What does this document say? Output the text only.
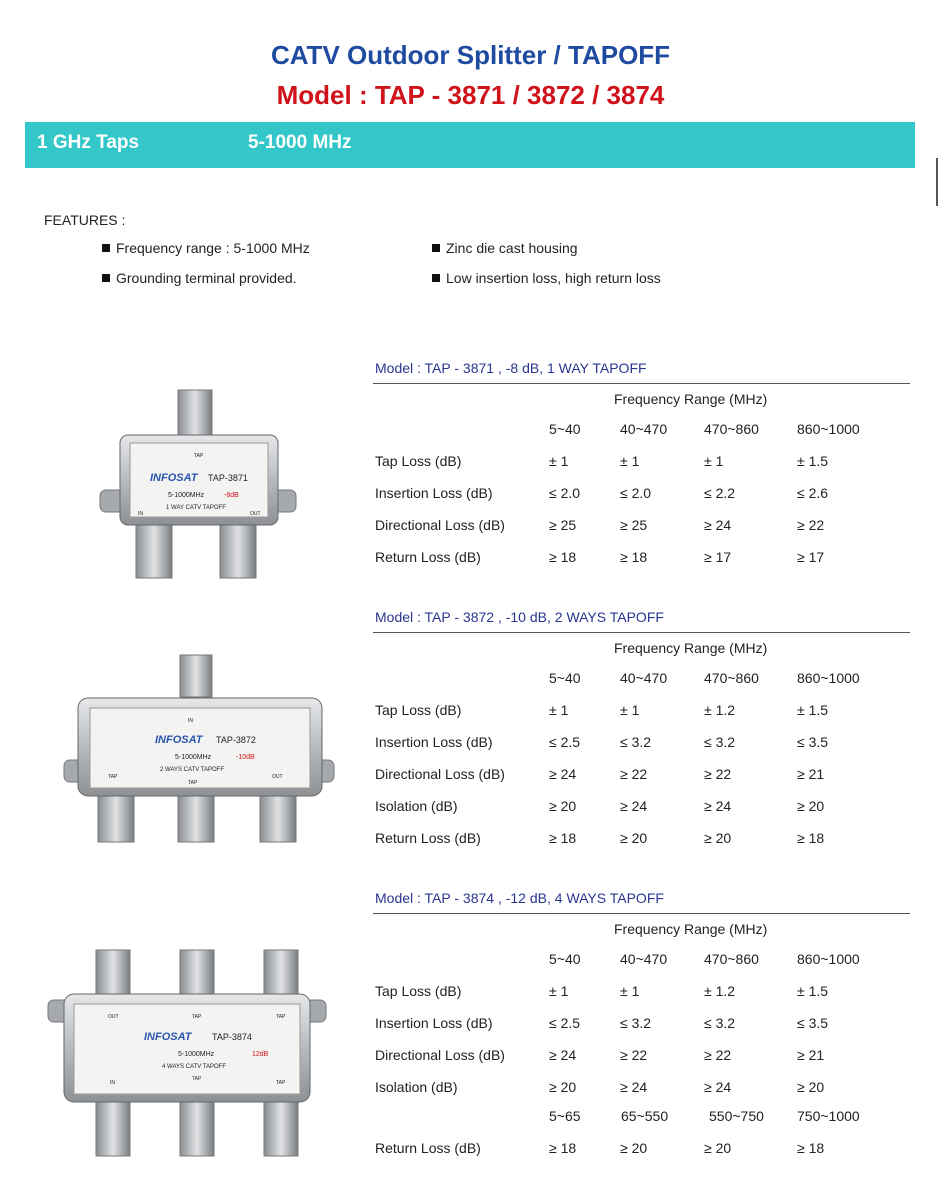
CATV Outdoor Splitter / TAPOFF
Model : TAP - 3871 / 3872 / 3874
1 GHz Taps	5-1000 MHz
FEATURES :
Frequency range : 5-1000 MHz	Zinc die cast housing
Grounding terminal provided.	Low insertion loss, high return loss
INFOSAT TAP-3871
5-1000MHz	-8dB
1 WAY CATV TAPOFF
IN
TAP
OUT
INFOSAT TAP-3872
5-1000MHz	-10dB
2 WAYS CATV TAPOFF
IN
TAP
TAP
OUT
INFOSAT TAP-3874
5-1000MHz	12dB
4 WAYS CATV TAPOFF
OUT	TAP	TAP
IN
TAP
TAP
Model : TAP - 3871 , -8 dB, 1 WAY TAPOFF
Frequency Range (MHz)
5~40	40~470	470~860	860~1000
Tap Loss (dB)	± 1	± 1	± 1	± 1.5
Insertion Loss (dB)	≤ 2.0	≤ 2.0	≤ 2.2	≤ 2.6
Directional Loss (dB)	≥ 25	≥ 25	≥ 24	≥ 22
Return Loss (dB)	≥ 18	≥ 18	≥ 17	≥ 17
Model : TAP - 3872 , -10 dB, 2 WAYS TAPOFF
Frequency Range (MHz)
5~40	40~470	470~860	860~1000
Tap Loss (dB)	± 1	± 1	± 1.2	± 1.5
Insertion Loss (dB)	≤ 2.5	≤ 3.2	≤ 3.2	≤ 3.5
Directional Loss (dB)	≥ 24	≥ 22	≥ 22	≥ 21
Isolation (dB)	≥ 20	≥ 24	≥ 24	≥ 20
Return Loss (dB)	≥ 18	≥ 20	≥ 20	≥ 18
Model : TAP - 3874 , -12 dB, 4 WAYS TAPOFF
Frequency Range (MHz)
5~40	40~470	470~860	860~1000
Tap Loss (dB)	± 1	± 1	± 1.2	± 1.5
Insertion Loss (dB)	≤ 2.5	≤ 3.2	≤ 3.2	≤ 3.5
Directional Loss (dB)	≥ 24	≥ 22	≥ 22	≥ 21
Isolation (dB)	≥ 20	≥ 24	≥ 24	≥ 20
5~65	65~550	550~750 750~1000
Return Loss (dB)	≥ 18	≥ 20	≥ 20	≥ 18
